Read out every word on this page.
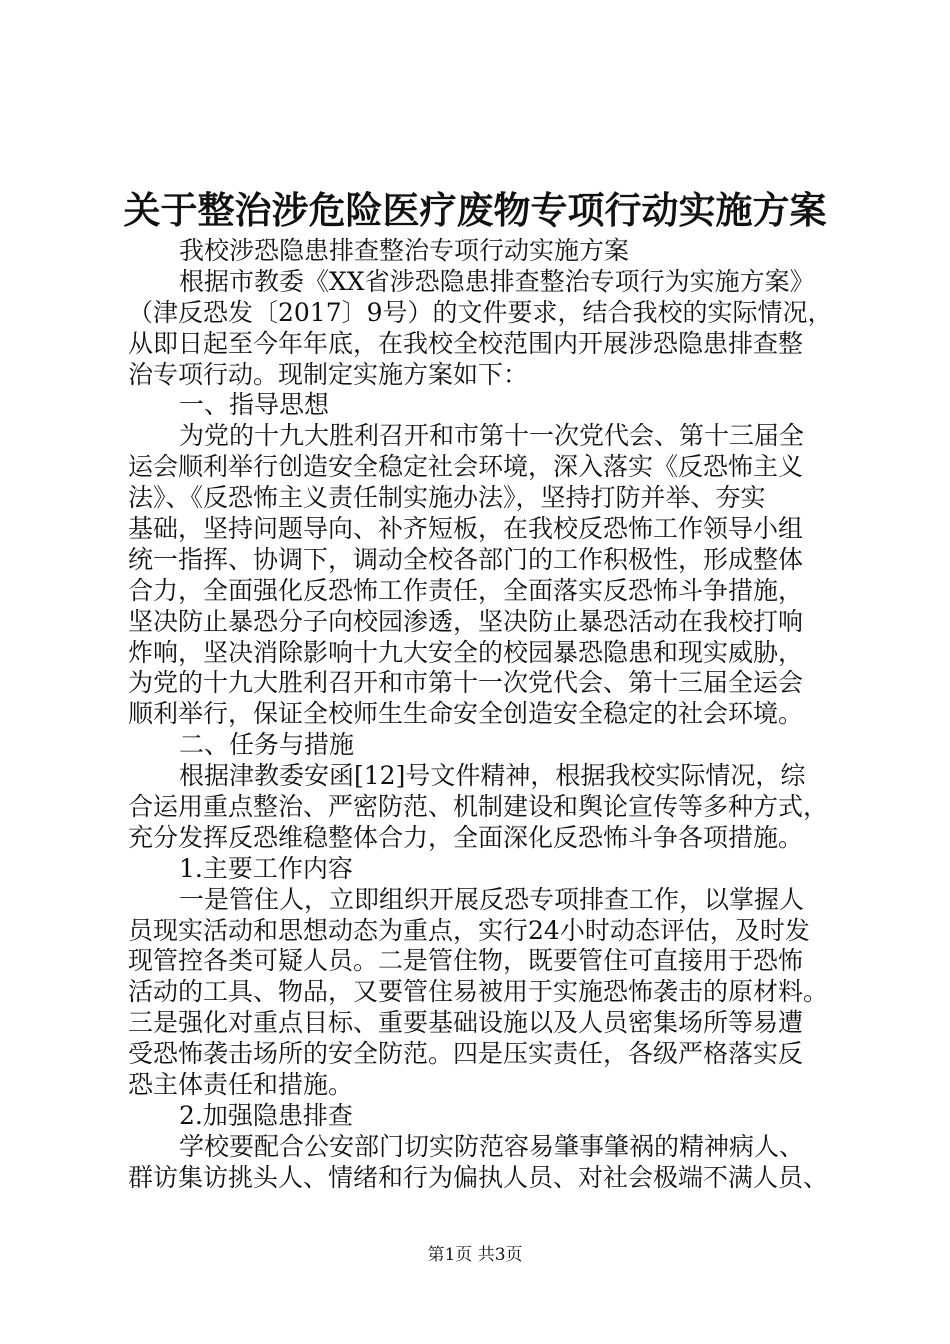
关于整治涉危险医疗废物专项行动实施方案
我校涉恐隐患排查整治专项行动实施方案
根据市教委《XX省涉恐隐患排查整治专项行为实施方案》
（津反恐发〔2017〕9号）的文件要求，结合我校的实际情况，
从即日起至今年年底，在我校全校范围内开展涉恐隐患排查整
治专项行动。现制定实施方案如下：
一、指导思想
为党的十九大胜利召开和市第十一次党代会、第十三届全
运会顺利举行创造安全稳定社会环境，深入落实《反恐怖主义
法》、《反恐怖主义责任制实施办法》，坚持打防并举、夯实
基础，坚持问题导向、补齐短板，在我校反恐怖工作领导小组
统一指挥、协调下，调动全校各部门的工作积极性，形成整体
合力，全面强化反恐怖工作责任，全面落实反恐怖斗争措施，
坚决防止暴恐分子向校园渗透，坚决防止暴恐活动在我校打响
炸响，坚决消除影响十九大安全的校园暴恐隐患和现实威胁，
为党的十九大胜利召开和市第十一次党代会、第十三届全运会
顺利举行，保证全校师生生命安全创造安全稳定的社会环境。
二、任务与措施
根据津教委安函[12]号文件精神，根据我校实际情况，综
合运用重点整治、严密防范、机制建设和舆论宣传等多种方式，
充分发挥反恐维稳整体合力，全面深化反恐怖斗争各项措施。
1.主要工作内容
一是管住人，立即组织开展反恐专项排查工作，以掌握人
员现实活动和思想动态为重点，实行24小时动态评估，及时发
现管控各类可疑人员。二是管住物，既要管住可直接用于恐怖
活动的工具、物品，又要管住易被用于实施恐怖袭击的原材料。
三是强化对重点目标、重要基础设施以及人员密集场所等易遭
受恐怖袭击场所的安全防范。四是压实责任，各级严格落实反
恐主体责任和措施。
2.加强隐患排查
学校要配合公安部门切实防范容易肇事肇祸的精神病人、
群访集访挑头人、情绪和行为偏执人员、对社会极端不满人员、
第1页 共3页
